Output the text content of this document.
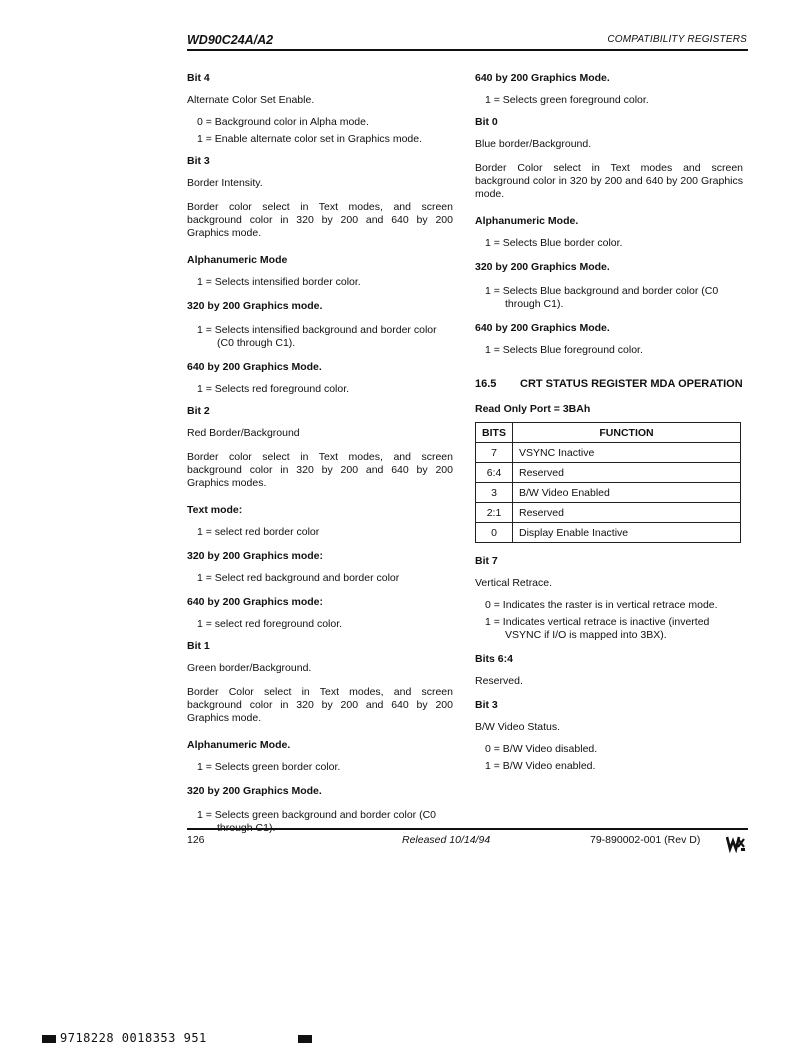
WD90C24A/A2	COMPATIBILITY REGISTERS
Bit 4
Alternate Color Set Enable.
0 = Background color in Alpha mode.
1 = Enable alternate color set in Graphics mode.
Bit 3
Border Intensity.
Border color select in Text modes, and screen background color in 320 by 200 and 640 by 200 Graphics mode.
Alphanumeric Mode
1 = Selects intensified border color.
320 by 200 Graphics mode.
1 = Selects intensified background and border color (C0 through C1).
640 by 200 Graphics Mode.
1 = Selects red foreground color.
Bit 2
Red Border/Background
Border color select in Text modes, and screen background color in 320 by 200 and 640 by 200 Graphics modes.
Text mode:
1 = select red border color
320 by 200 Graphics mode:
1 = Select red background and border color
640 by 200 Graphics mode:
1 = select red foreground color.
Bit 1
Green border/Background.
Border Color select in Text modes, and screen background color in 320 by 200 and 640 by 200 Graphics mode.
Alphanumeric Mode.
1 = Selects green border color.
320 by 200 Graphics Mode.
1 = Selects green background and border color (C0 through C1).
640 by 200 Graphics Mode.
1 = Selects green foreground color.
Bit 0
Blue border/Background.
Border Color select in Text modes and screen background color in 320 by 200 and 640 by 200 Graphics mode.
Alphanumeric Mode.
1 = Selects Blue border color.
320 by 200 Graphics Mode.
1 = Selects Blue background and border color (C0 through C1).
640 by 200 Graphics Mode.
1 = Selects Blue foreground color.
16.5	CRT STATUS REGISTER MDA OPERATION
Read Only Port = 3BAh
BITS	FUNCTION
7	VSYNC Inactive
6:4	Reserved
3	B/W Video Enabled
2:1	Reserved
0	Display Enable Inactive
Bit 7
Vertical Retrace.
0 = Indicates the raster is in vertical retrace mode.
1 = Indicates vertical retrace is inactive (inverted VSYNC if I/O is mapped into 3BX).
Bits 6:4
Reserved.
Bit 3
B/W Video Status.
0 = B/W Video disabled.
1 = B/W Video enabled.
126	Released 10/14/94	79-890002-001 (Rev D)
9718228 0018353 951
